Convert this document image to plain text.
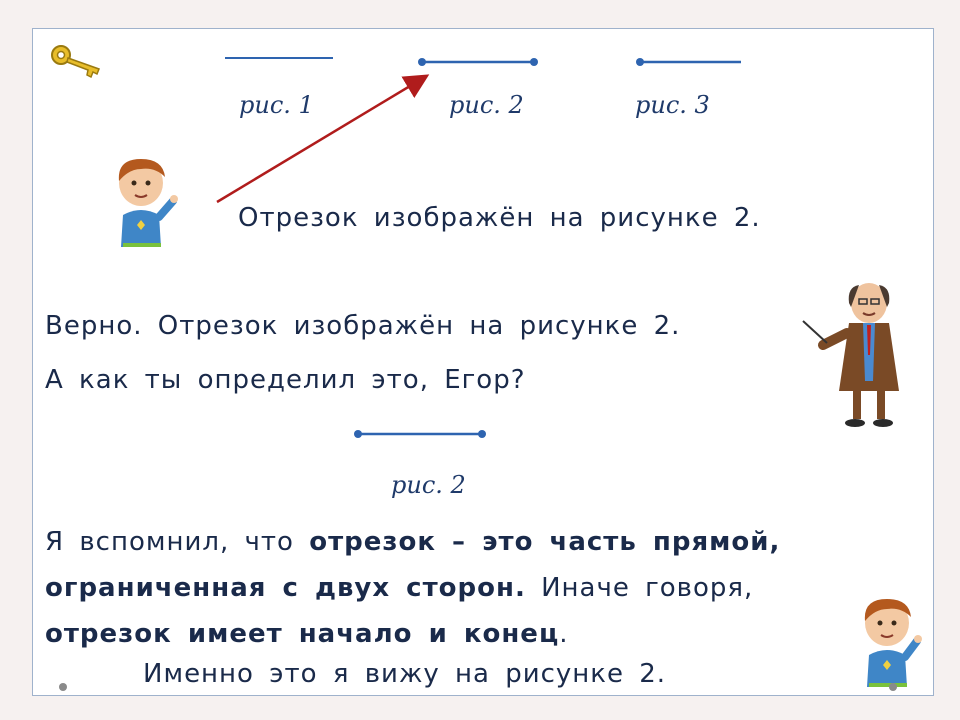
рис. 1	рис. 2	рис. 3
Отрезок изображён на рисунке 2.
Верно. Отрезок изображён на рисунке 2.
А как ты определил это, Егор?
рис. 2
Я вспомнил, что отрезок – это часть прямой,
ограниченная с двух сторон. Иначе говоря,
отрезок имеет начало и конец.
Именно это я вижу на рисунке 2.
